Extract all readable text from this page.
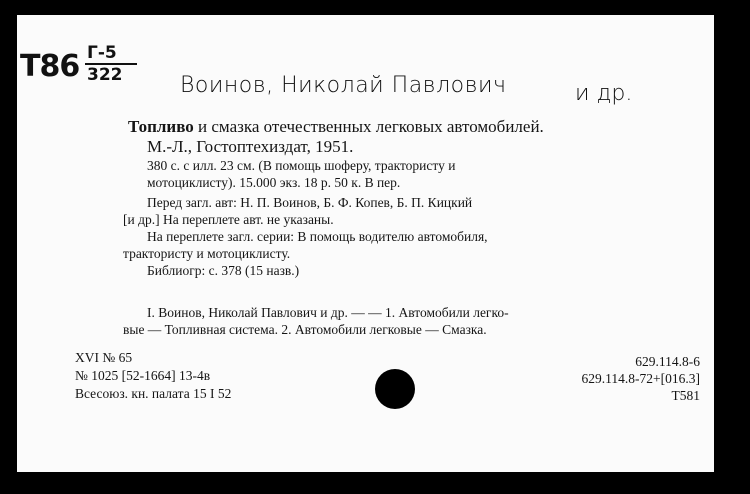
Т86 Г-5
322	Воинов, Николай Павлович	и др.
Топливо и смазка отечественных легковых автомобилей.
М.-Л., Гостоптехиздат, 1951.
380 с. с илл. 23 см. (В помощь шоферу, трактористу и
мотоциклисту). 15.000 экз. 18 р. 50 к. В пер.
Перед загл. авт: Н. П. Воинов, Б. Ф. Копев, Б. П. Кицкий
[и др.] На переплете авт. не указаны.
На переплете загл. серии: В помощь водителю автомобиля,
трактористу и мотоциклисту.
Библиогр: с. 378 (15 назв.)
I. Воинов, Николай Павлович и др. — — 1. Автомобили легко-
вые — Топливная система. 2. Автомобили легковые — Смазка.
XVI № 65
№ 1025 [52-1664] 13-4в
Всесоюз. кн. палата 15 I 52
629.114.8-6
629.114.8-72+[016.3]
Т581
